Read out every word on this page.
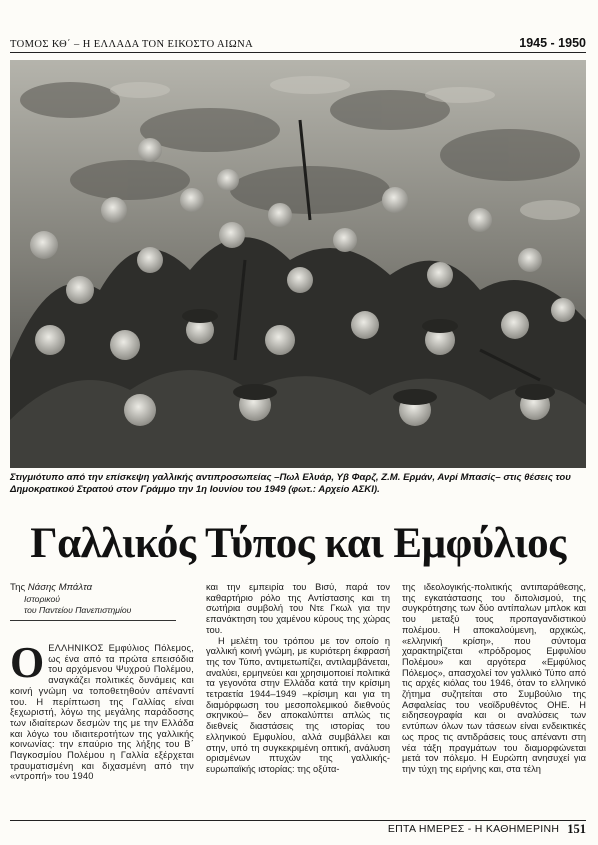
ΤΟΜΟΣ ΚΘ΄ – Η ΕΛΛΑΔΑ ΤΟΝ ΕΙΚΟΣΤΟ ΑΙΩΝΑ	1945 - 1950
Στιγμιότυπο από την επίσκεψη γαλλικής αντιπροσωπείας –Πωλ Ελυάρ, Υβ Φαρζ, Ζ.Μ. Ερμάν, Ανρί Μπασίς– στις θέσεις του Δημοκρατικού Στρατού στον Γράμμο την 1η Ιουνίου του 1949 (φωτ.: Αρχείο ΑΣΚΙ).
Γαλλικός Τύπος και Εμφύλιος
Της Νάσης Μπάλτα
Ιστορικού
του Παντείου Πανεπιστημίου

ΟΕΛΛΗΝΙΚΟΣ Εμφύλιος Πόλεμος, ως ένα από τα πρώτα επεισόδια του αρχόμενου Ψυχρού Πολέμου, αναγκάζει πολιτικές δυνάμεις και κοινή γνώμη να τοποθετηθούν απέναντί του. Η περίπτωση της Γαλλίας είναι ξεχωριστή, λόγω της μεγάλης παράδοσης των ιδιαίτερων δεσμών της με την Ελλάδα και λόγω του ιδιαιτεροτήτων της γαλλικής κοινωνίας: την επαύριο της λήξης του Β΄ Παγκοσμίου Πολέμου η Γαλλία εξέρχεται τραυματισμένη και διχασμένη από την «ντροπή» του 1940

και την εμπειρία του Βισύ, παρά τον καθαρτήριο ρόλο της Αντίστασης και τη σωτήρια συμβολή του Ντε Γκωλ για την επανάκτηση του χαμένου κύρους της χώρας του.

Η μελέτη του τρόπου με τον οποίο η γαλλική κοινή γνώμη, με κυριότερη έκφρασή της τον Τύπο, αντιμετωπίζει, αντιλαμβάνεται, αναλύει, ερμηνεύει και χρησιμοποιεί πολιτικά τα γεγονότα στην Ελλάδα κατά την κρίσιμη τετραετία 1944–1949 –κρίσιμη και για τη διαμόρφωση του μεσοπολεμικού διεθνούς σκηνικού– δεν αποκαλύπτει απλώς τις διεθνείς διαστάσεις της ιστορίας του ελληνικού Εμφυλίου, αλλά συμβάλλει και στην, υπό τη συγκεκριμένη οπτική, ανάλυση ορισμένων πτυχών της γαλλικής-ευρωπαϊκής ιστορίας: της οξύτα-

της ιδεολογικής-πολιτικής αντιπαράθεσης, της εγκατάστασης του διπολισμού, της συγκρότησης των δύο αντίπαλων μπλοκ και του μεταξύ τους προπαγανδιστικού πολέμου. Η αποκαλούμενη, αρχικώς, «ελληνική κρίση», που σύντομα χαρακτηρίζεται «πρόδρομος Εμφυλίου Πολέμου» και αργότερα «Εμφύλιος Πόλεμος», απασχολεί τον γαλλικό Τύπο από τις αρχές κιόλας του 1946, όταν το ελληνικό ζήτημα συζητείται στο Συμβούλιο της Ασφαλείας του νεοϊδρυθέντος ΟΗΕ. Η ειδησεογραφία και οι αναλύσεις των εντύπων όλων των τάσεων είναι ενδεικτικές ως προς τις αντιδράσεις τους απέναντι στη νέα τάξη πραγμάτων του διαμορφώνεται μετά τον πόλεμο. Η Ευρώπη ανησυχεί για την τύχη της ειρήνης και, στα τέλη

ΕΠΤΑ ΗΜΕΡΕΣ - Η ΚΑΘΗΜΕΡΙΝΗ 151
